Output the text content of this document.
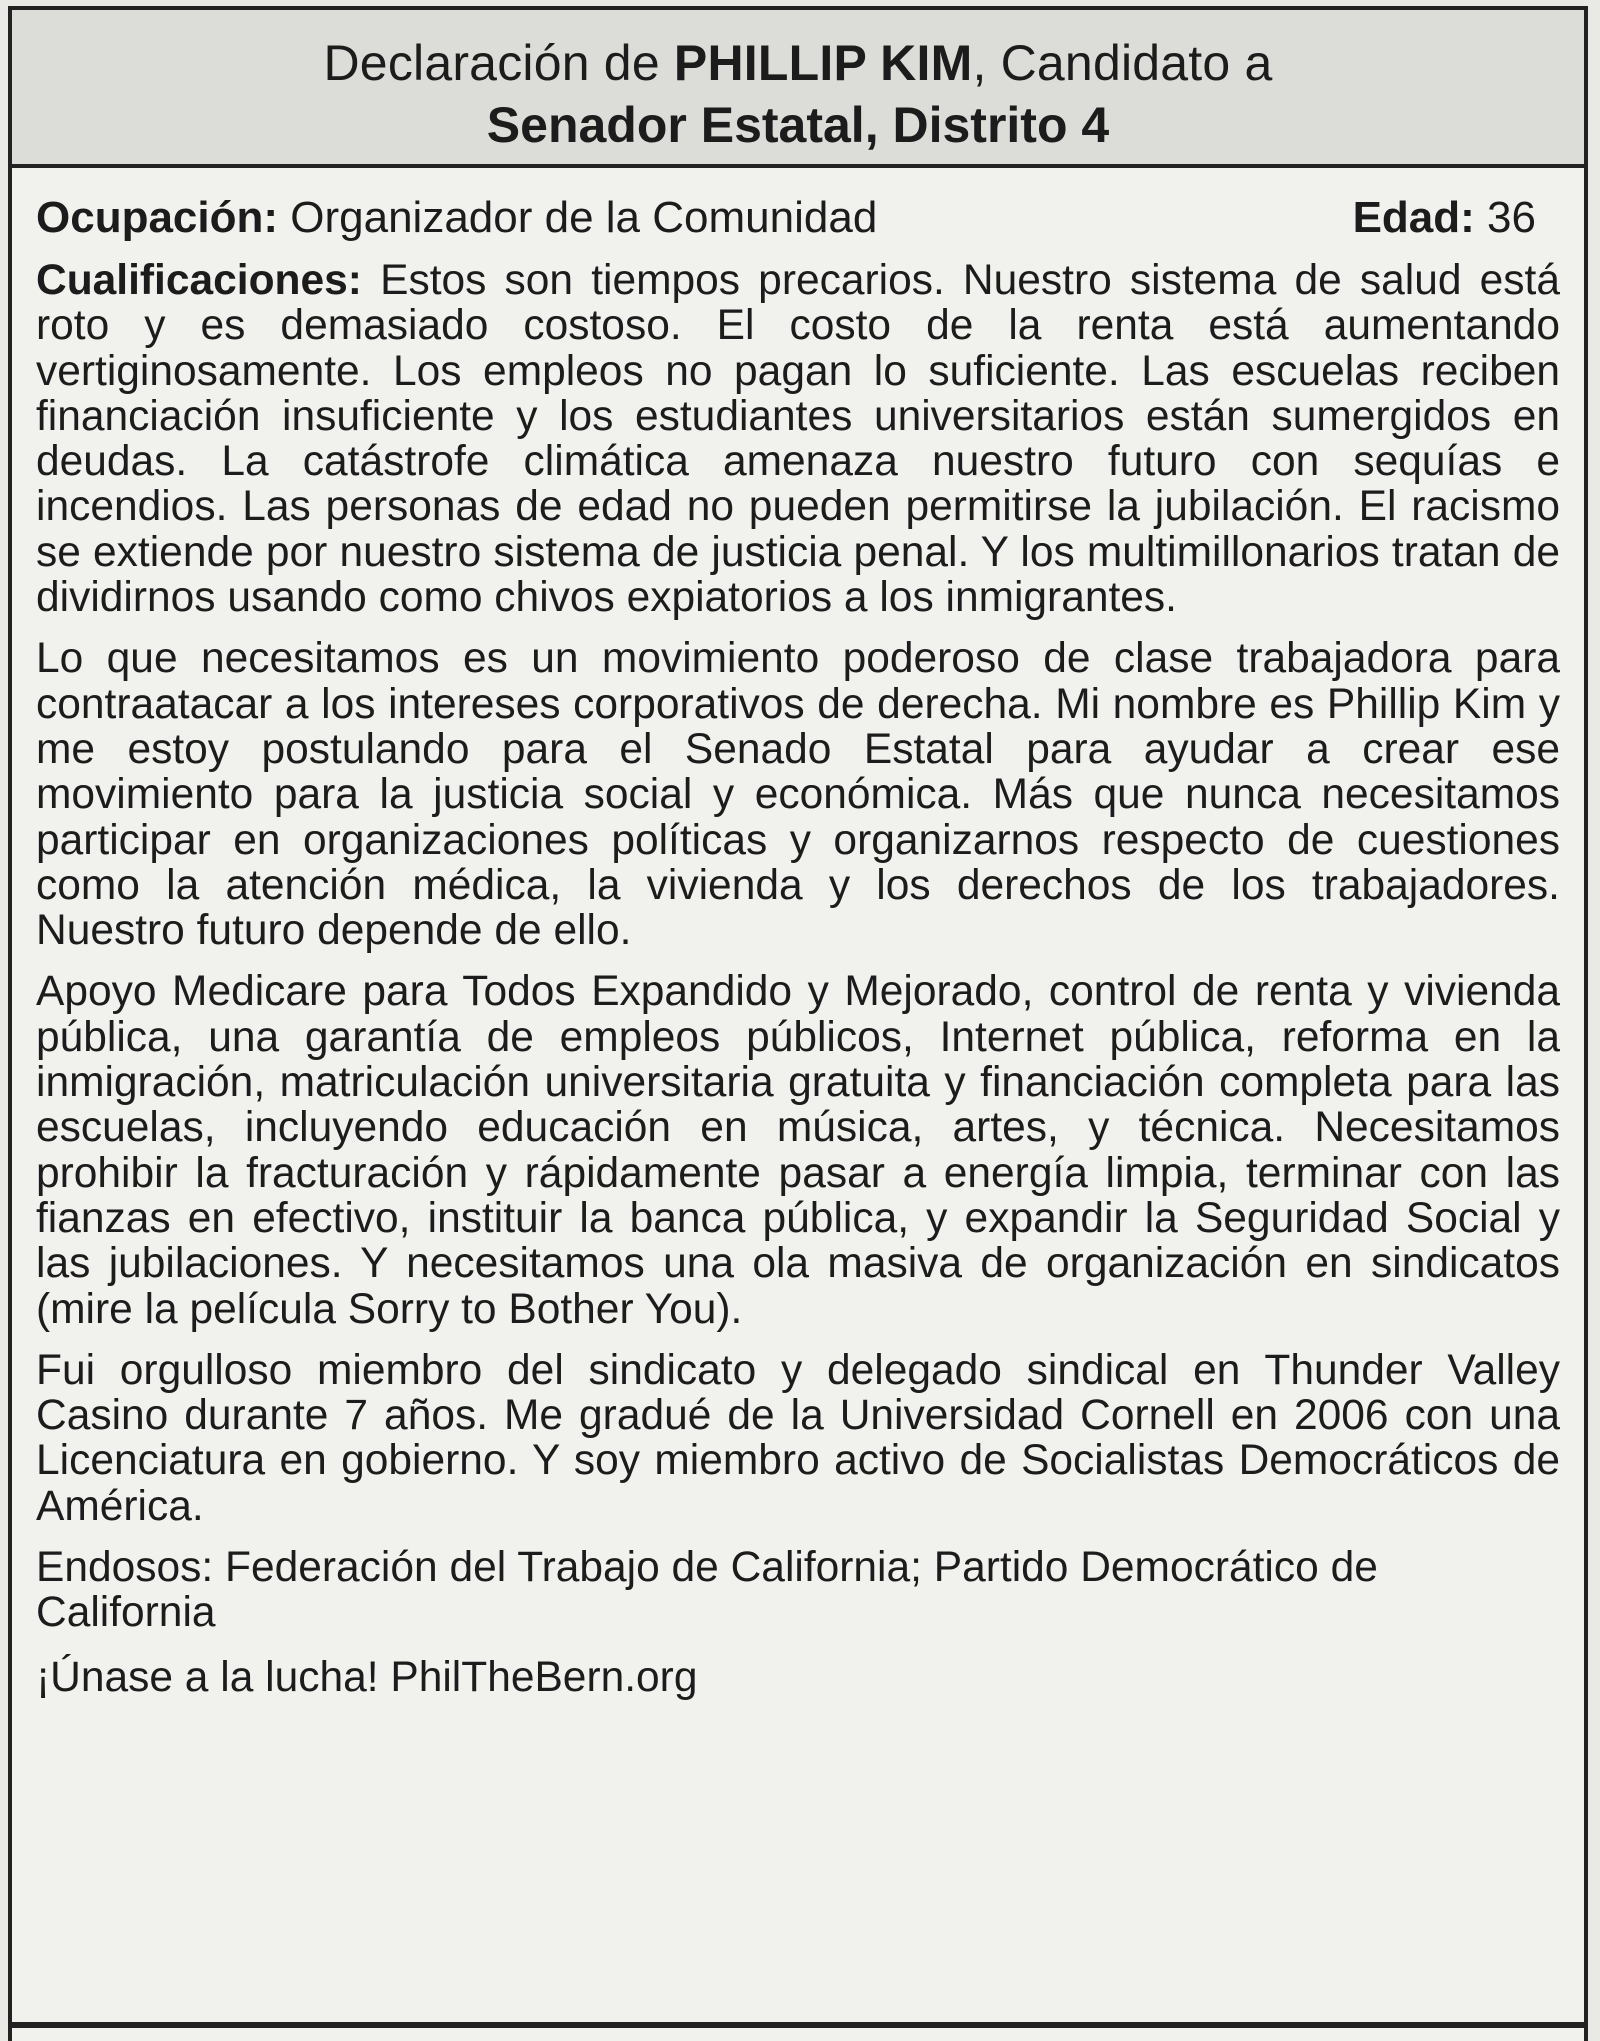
Declaración de PHILLIP KIM, Candidato a
Senador Estatal, Distrito 4
Ocupación: Organizador de la Comunidad	Edad: 36

Cualificaciones: Estos son tiempos precarios. Nuestro sistema de salud está roto y es demasiado costoso. El costo de la renta está aumentando vertiginosamente. Los empleos no pagan lo suficiente. Las escuelas reciben financiación insuficiente y los estudiantes universitarios están sumergidos en deudas. La catástrofe climática amenaza nuestro futuro con sequías e incendios. Las personas de edad no pueden permitirse la jubilación. El racismo se extiende por nuestro sistema de justicia penal. Y los multimillonarios tratan de dividirnos usando como chivos expiatorios a los inmigrantes.

Lo que necesitamos es un movimiento poderoso de clase trabajadora para contraatacar a los intereses corporativos de derecha. Mi nombre es Phillip Kim y me estoy postulando para el Senado Estatal para ayudar a crear ese movimiento para la justicia social y económica. Más que nunca necesitamos participar en organizaciones políticas y organizarnos respecto de cuestiones como la atención médica, la vivienda y los derechos de los trabajadores. Nuestro futuro depende de ello.

Apoyo Medicare para Todos Expandido y Mejorado, control de renta y vivienda pública, una garantía de empleos públicos, Internet pública, reforma en la inmigración, matriculación universitaria gratuita y financiación completa para las escuelas, incluyendo educación en música, artes, y técnica. Necesitamos prohibir la fracturación y rápidamente pasar a energía limpia, terminar con las fianzas en efectivo, instituir la banca pública, y expandir la Seguridad Social y las jubilaciones. Y necesitamos una ola masiva de organización en sindicatos (mire la película Sorry to Bother You).

Fui orgulloso miembro del sindicato y delegado sindical en Thunder Valley Casino durante 7 años. Me gradué de la Universidad Cornell en 2006 con una Licenciatura en gobierno. Y soy miembro activo de Socialistas Democráticos de América.

Endosos: Federación del Trabajo de California; Partido Democrático de California
¡Únase a la lucha! PhilTheBern.org
